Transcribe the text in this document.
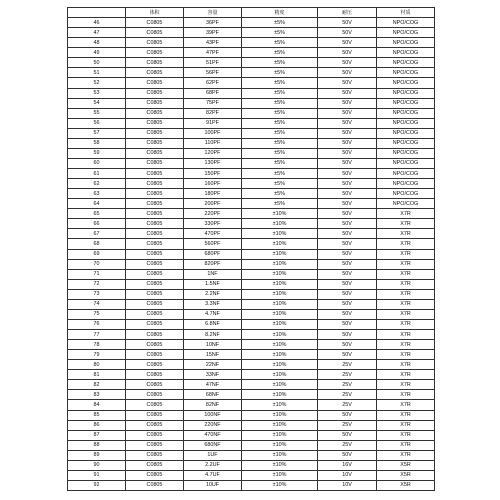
	体积	容量	精度	耐压	材质
46	C0805	36PF	±5%	50V	NPO/COG
47	C0805	39PF	±5%	50V	NPO/COG
48	C0805	43PF	±5%	50V	NPO/COG
49	C0805	47PF	±5%	50V	NPO/COG
50	C0805	51PF	±5%	50V	NPO/COG
51	C0805	56PF	±5%	50V	NPO/COG
52	C0805	62PF	±5%	50V	NPO/COG
53	C0805	68PF	±5%	50V	NPO/COG
54	C0805	75PF	±5%	50V	NPO/COG
55	C0805	82PF	±5%	50V	NPO/COG
56	C0805	91PF	±5%	50V	NPO/COG
57	C0805	100PF	±5%	50V	NPO/COG
58	C0805	110PF	±5%	50V	NPO/COG
59	C0805	120PF	±5%	50V	NPO/COG
60	C0805	130PF	±5%	50V	NPO/COG
61	C0805	150PF	±5%	50V	NPO/COG
62	C0805	160PF	±5%	50V	NPO/COG
63	C0805	180PF	±5%	50V	NPO/COG
64	C0805	200PF	±5%	50V	NPO/COG
65	C0805	220PF	±10%	50V	X7R
66	C0805	330PF	±10%	50V	X7R
67	C0805	470PF	±10%	50V	X7R
68	C0805	560PF	±10%	50V	X7R
69	C0805	680PF	±10%	50V	X7R
70	C0805	820PF	±10%	50V	X7R
71	C0805	1NF	±10%	50V	X7R
72	C0805	1.5NF	±10%	50V	X7R
73	C0805	2.2NF	±10%	50V	X7R
74	C0805	3.3NF	±10%	50V	X7R
75	C0805	4.7NF	±10%	50V	X7R
76	C0805	6.8NF	±10%	50V	X7R
77	C0805	8.2NF	±10%	50V	X7R
78	C0805	10NF	±10%	50V	X7R
79	C0805	15NF	±10%	50V	X7R
80	C0805	22NF	±10%	25V	X7R
81	C0805	33NF	±10%	25V	X7R
82	C0805	47NF	±10%	25V	X7R
83	C0805	68NF	±10%	25V	X7R
84	C0805	82NF	±10%	25V	X7R
85	C0805	100NF	±10%	50V	X7R
86	C0805	220NF	±10%	25V	X7R
87	C0805	470NF	±10%	50V	X7R
88	C0805	680NF	±10%	25V	X7R
89	C0805	1UF	±10%	50V	X7R
90	C0805	2.2UF	±10%	16V	X5R
91	C0805	4.7UF	±10%	10V	X5R
92	C0805	10UF	±10%	10V	X5R
